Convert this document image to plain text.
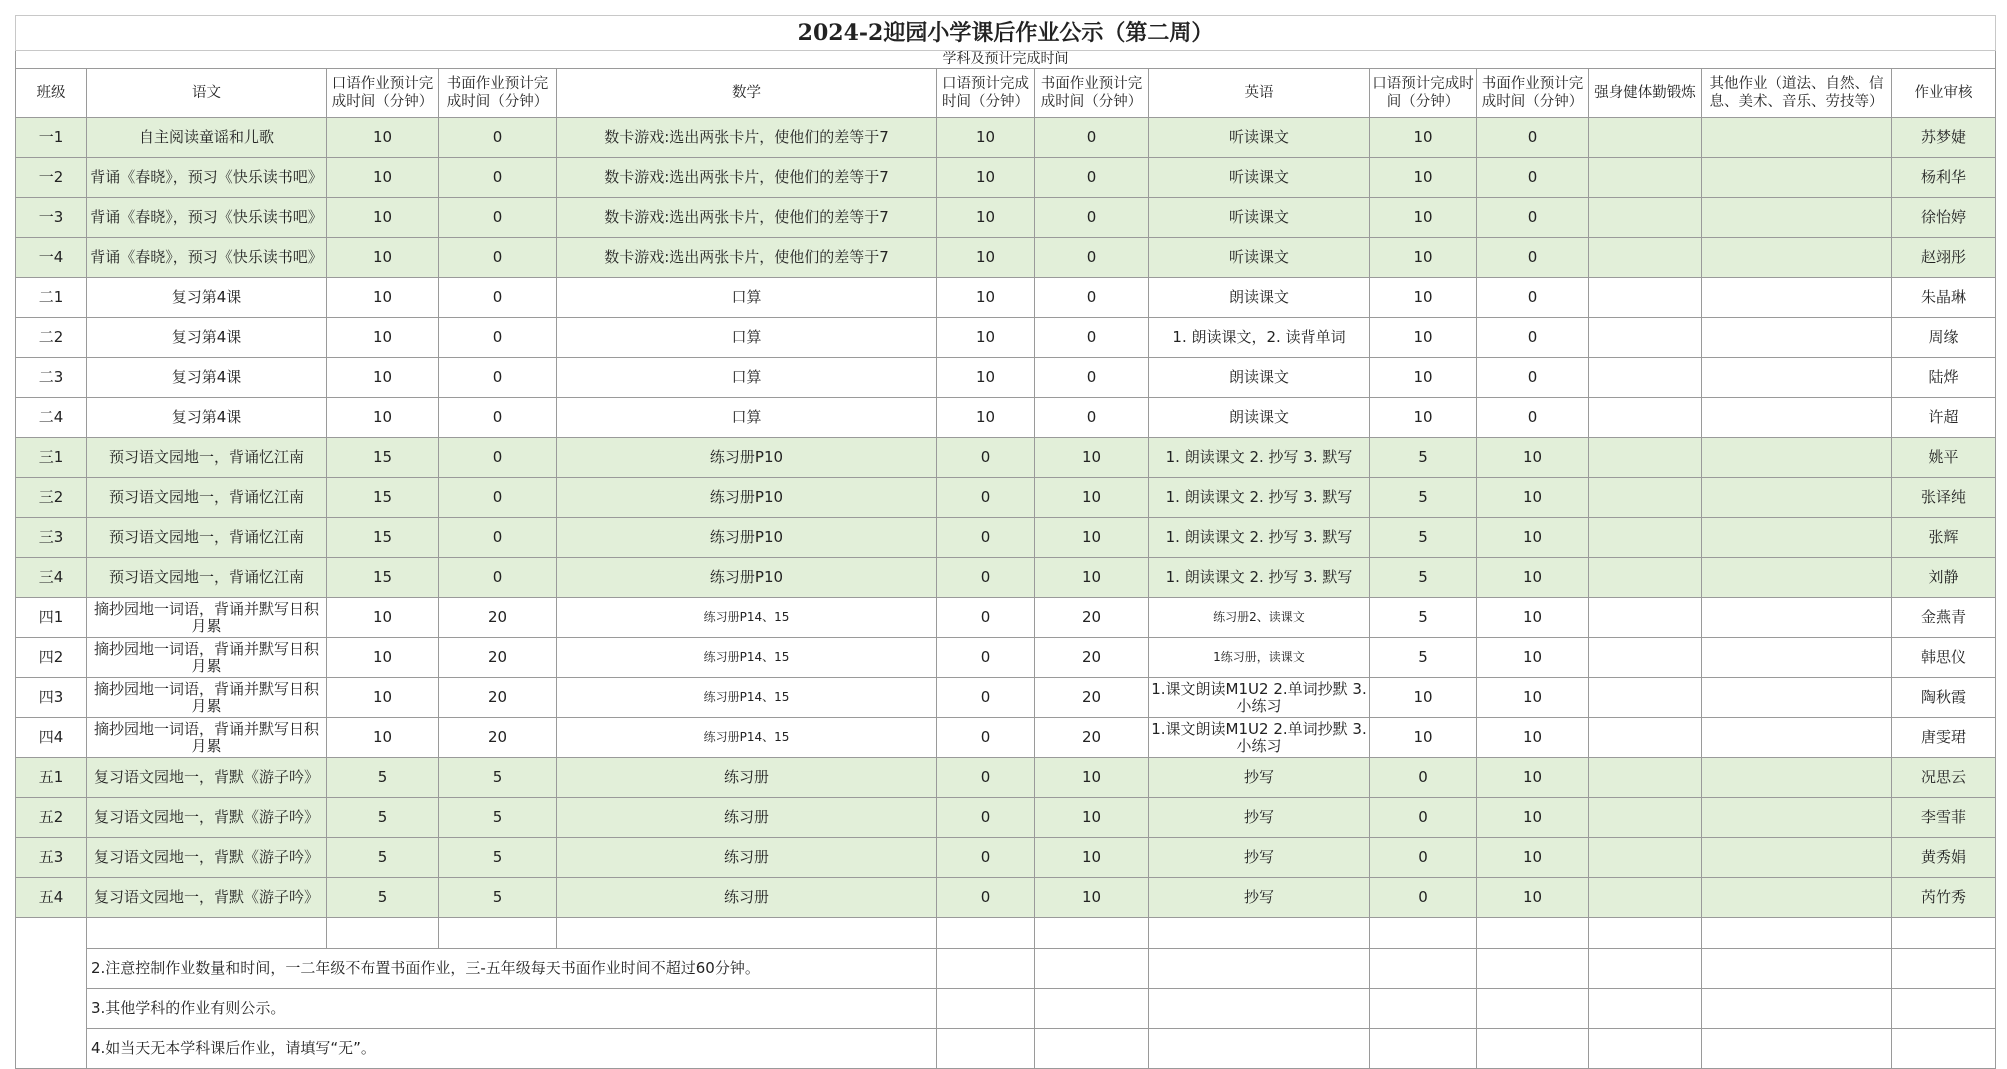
2024-2迎园小学课后作业公示（第二周）												
学科及预计完成时间												
班级	语文	口语作业预计完成时间（分钟）	书面作业预计完成时间（分钟）	数学	口语预计完成时间（分钟）	书面作业预计完成时间（分钟）	英语	口语预计完成时间（分钟）	书面作业预计完成时间（分钟）	强身健体勤锻炼	其他作业（道法、自然、信息、美术、音乐、劳技等）	作业审核
一1	自主阅读童谣和儿歌	10	0	数卡游戏:选出两张卡片，使他们的差等于7	10	0	听读课文	10	0			苏梦婕
一2	背诵《春晓》，预习《快乐读书吧》	10	0	数卡游戏:选出两张卡片，使他们的差等于7	10	0	听读课文	10	0			杨利华
一3	背诵《春晓》，预习《快乐读书吧》	10	0	数卡游戏:选出两张卡片，使他们的差等于7	10	0	听读课文	10	0			徐怡婷
一4	背诵《春晓》，预习《快乐读书吧》	10	0	数卡游戏:选出两张卡片，使他们的差等于7	10	0	听读课文	10	0			赵翊彤
二1	复习第4课	10	0	口算	10	0	朗读课文	10	0			朱晶琳
二2	复习第4课	10	0	口算	10	0	1. 朗读课文，2. 读背单词	10	0			周缘
二3	复习第4课	10	0	口算	10	0	朗读课文	10	0			陆烨
二4	复习第4课	10	0	口算	10	0	朗读课文	10	0			许超
三1	预习语文园地一，背诵忆江南	15	0	练习册P10	0	10	1. 朗读课文 2. 抄写 3. 默写	5	10			姚平
三2	预习语文园地一，背诵忆江南	15	0	练习册P10	0	10	1. 朗读课文 2. 抄写 3. 默写	5	10			张译纯
三3	预习语文园地一，背诵忆江南	15	0	练习册P10	0	10	1. 朗读课文 2. 抄写 3. 默写	5	10			张辉
三4	预习语文园地一，背诵忆江南	15	0	练习册P10	0	10	1. 朗读课文 2. 抄写 3. 默写	5	10			刘静
四1	摘抄园地一词语，背诵并默写日积月累	10	20	练习册P14、15	0	20	练习册2、读课文	5	10			金燕青
四2	摘抄园地一词语，背诵并默写日积月累	10	20	练习册P14、15	0	20	1练习册，读课文	5	10			韩思仪
四3	摘抄园地一词语，背诵并默写日积月累	10	20	练习册P14、15	0	20	1.课文朗读M1U2 2.单词抄默 3.小练习	10	10			陶秋霞
四4	摘抄园地一词语，背诵并默写日积月累	10	20	练习册P14、15	0	20	1.课文朗读M1U2 2.单词抄默 3.小练习	10	10			唐雯珺
五1	复习语文园地一，背默《游子吟》	5	5	练习册	0	10	抄写	0	10			况思云
五2	复习语文园地一，背默《游子吟》	5	5	练习册	0	10	抄写	0	10			李雪菲
五3	复习语文园地一，背默《游子吟》	5	5	练习册	0	10	抄写	0	10			黄秀娟
五4	复习语文园地一，背默《游子吟》	5	5	练习册	0	10	抄写	0	10			芮竹秀

	2.注意控制作业数量和时间，一二年级不布置书面作业，三-五年级每天书面作业时间不超过60分钟。											
	3.其他学科的作业有则公示。											
	4.如当天无本学科课后作业，请填写“无”。											
